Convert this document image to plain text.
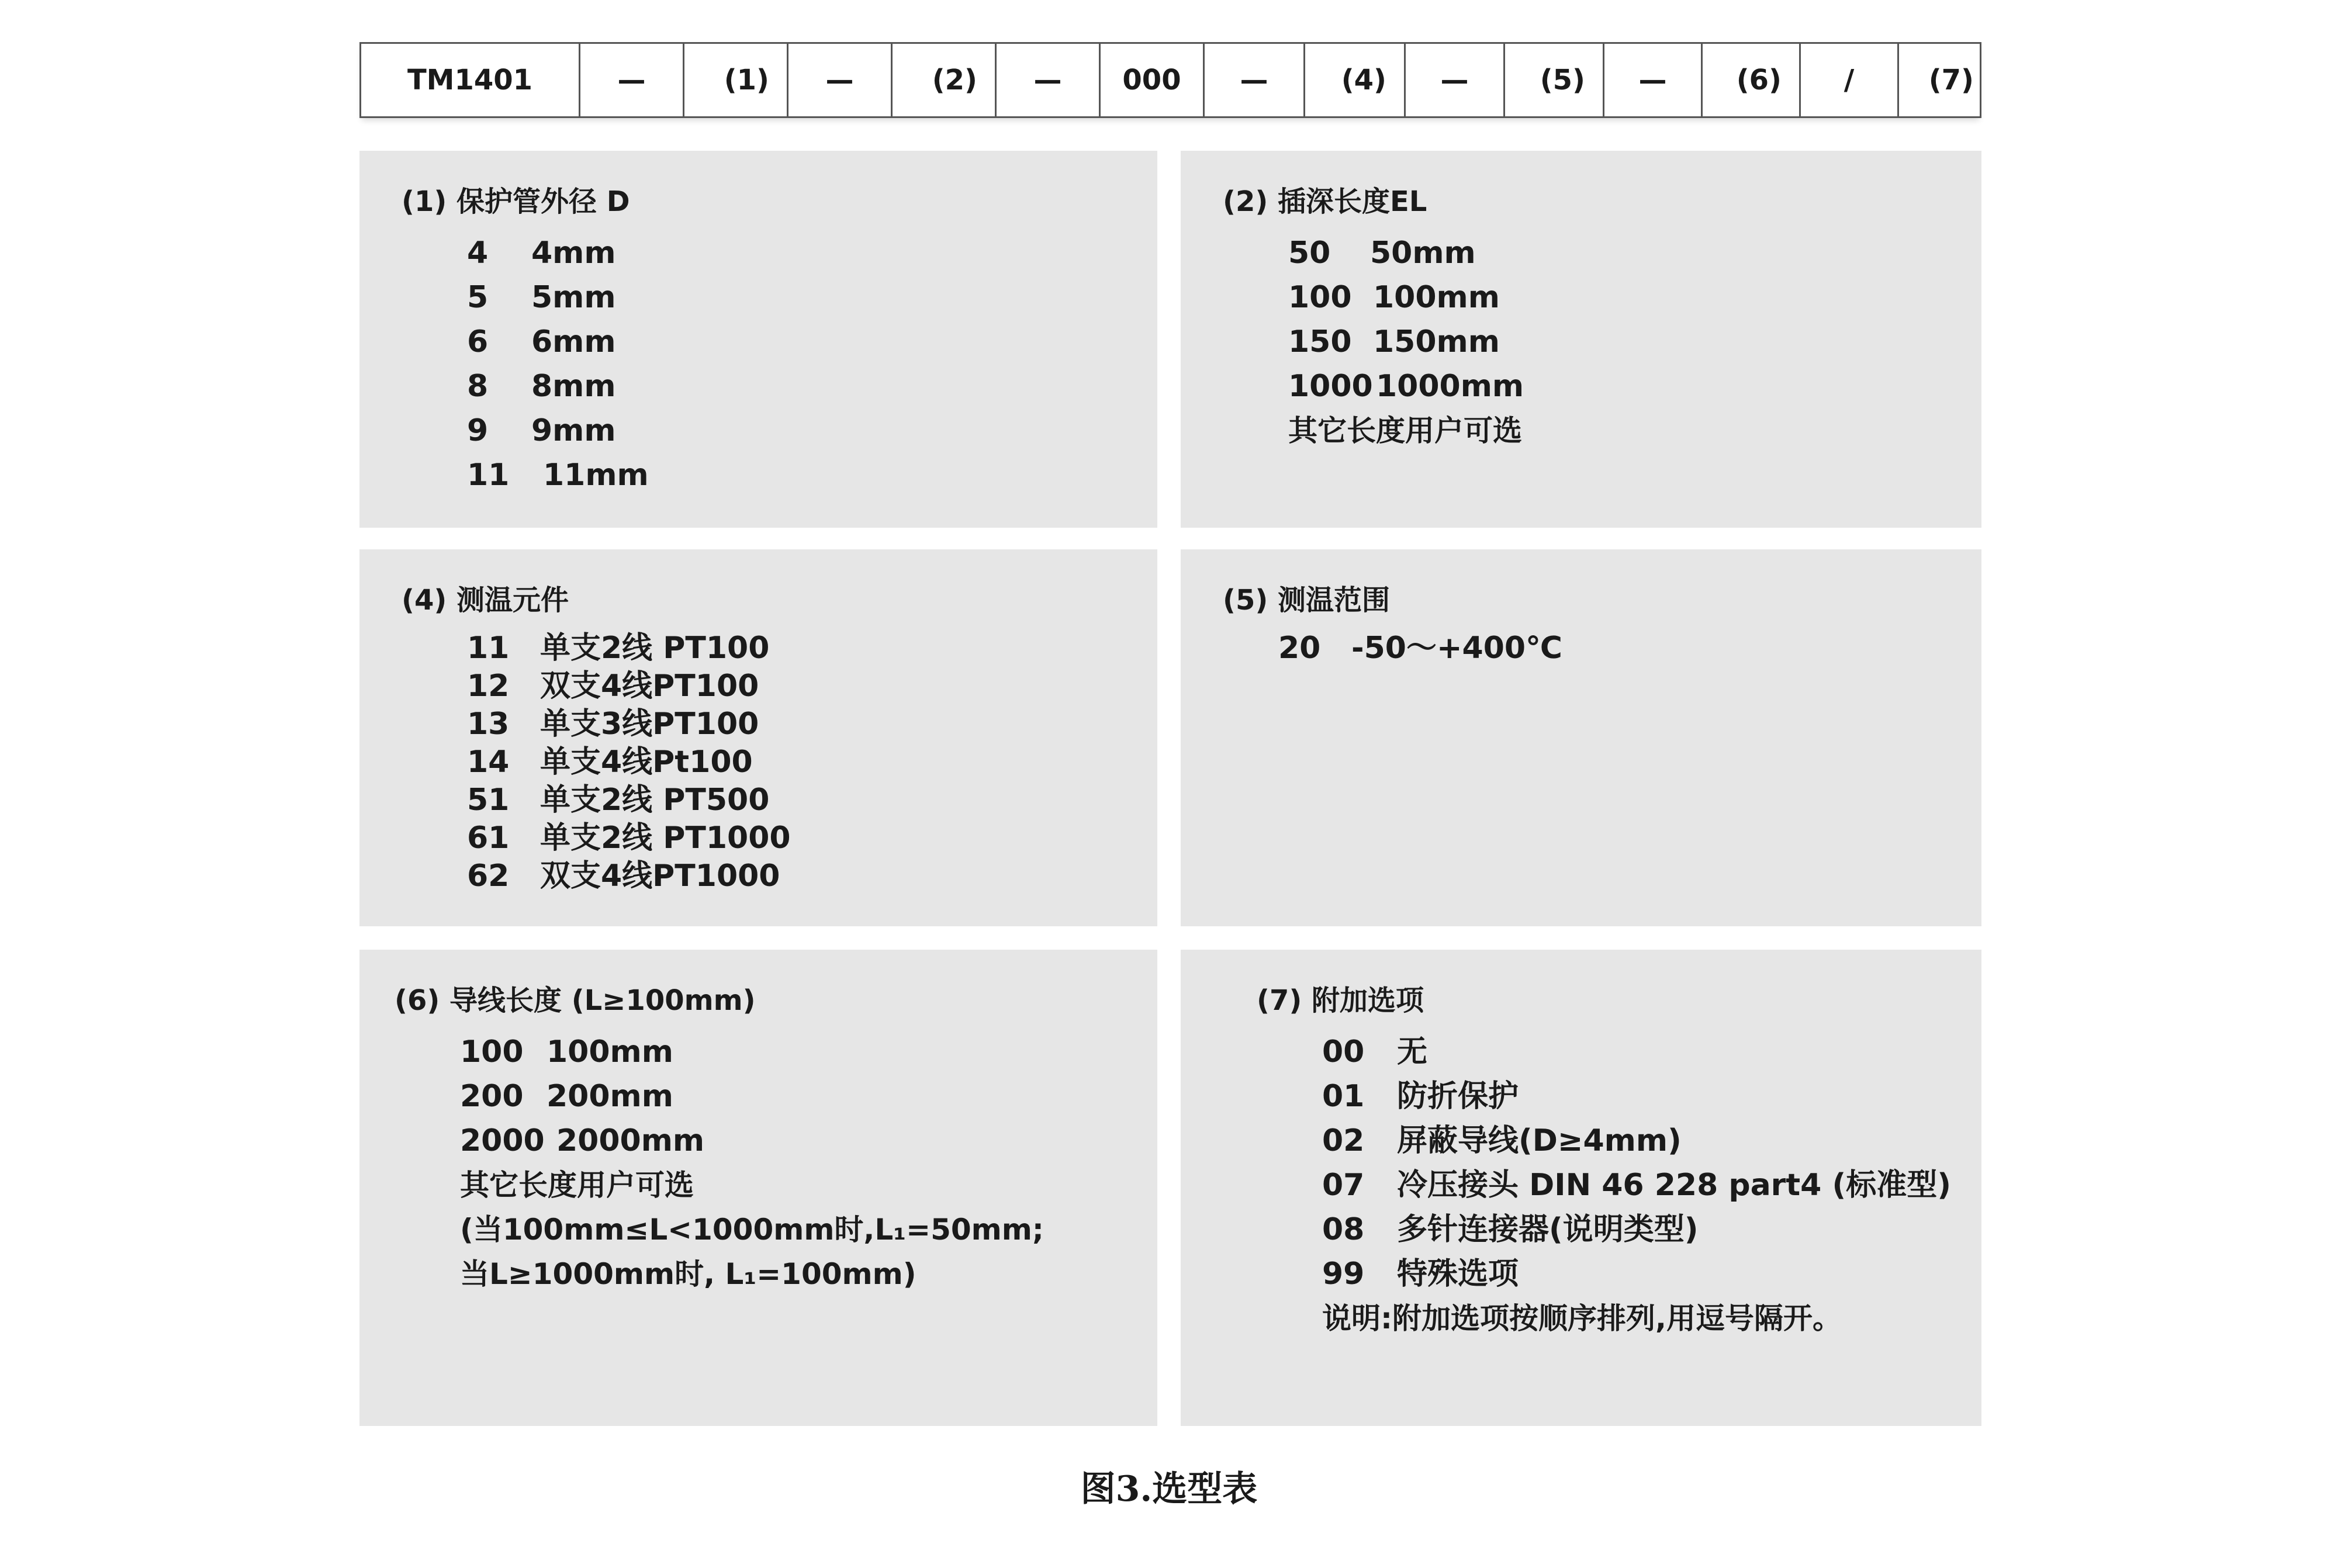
TM1401	—	(1)	—	(2)	—	000	—	(4)	—	(5)	—	(6)	/	(7)
(1) 保护管外径 D
4 4mm
5 5mm
6 6mm
8 8mm
9 9mm
11 11mm
(2) 插深长度EL
50 50mm
100 100mm
150 150mm
1000 1000mm
其它长度用户可选
(4) 测温元件
11 单支2线 PT100
12 双支4线PT100
13 单支3线PT100
14 单支4线Pt100
51 单支2线 PT500
61 单支2线 PT1000
62 双支4线PT1000
(5) 测温范围
20 -50～+400℃
(6) 导线长度 (L≥100mm)
100 100mm
200 200mm
2000 2000mm
其它长度用户可选
(当100mm≤L<1000mm时,L₁=50mm;
当L≥1000mm时, L₁=100mm)
(7) 附加选项
00 无
01 防折保护
02 屏蔽导线(D≥4mm)
07 冷压接头 DIN 46 228 part4 (标准型)
08 多针连接器(说明类型)
99 特殊选项
说明:附加选项按顺序排列,用逗号隔开。
图3.选型表
